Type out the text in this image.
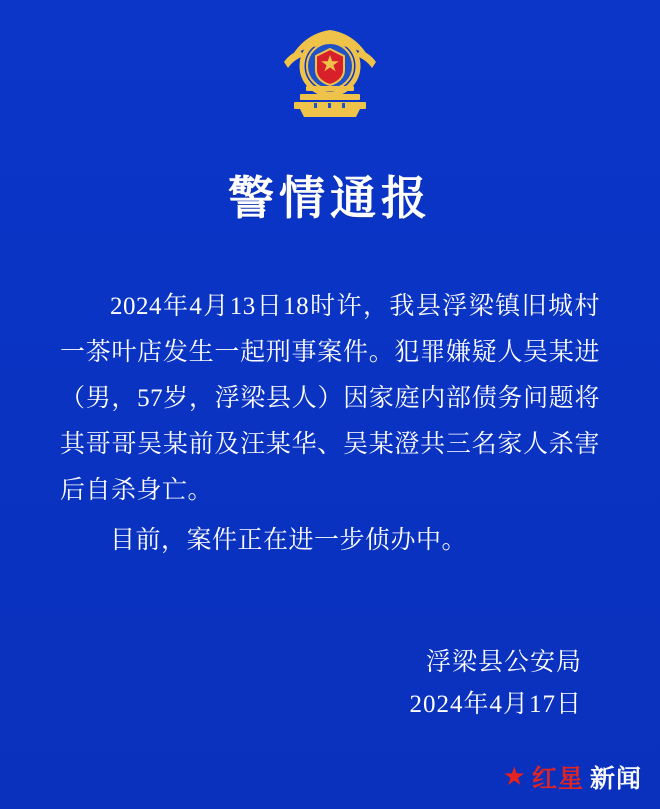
警情通报

2024年4月13日18时许，我县浮梁镇旧城村一茶叶店发生一起刑事案件。犯罪嫌疑人吴某进（男，57岁，浮梁县人）因家庭内部债务问题将其哥哥吴某前及汪某华、吴某澄共三名家人杀害后自杀身亡。

目前，案件正在进一步侦办中。

浮梁县公安局
2024年4月17日
★ 红星 新闻
